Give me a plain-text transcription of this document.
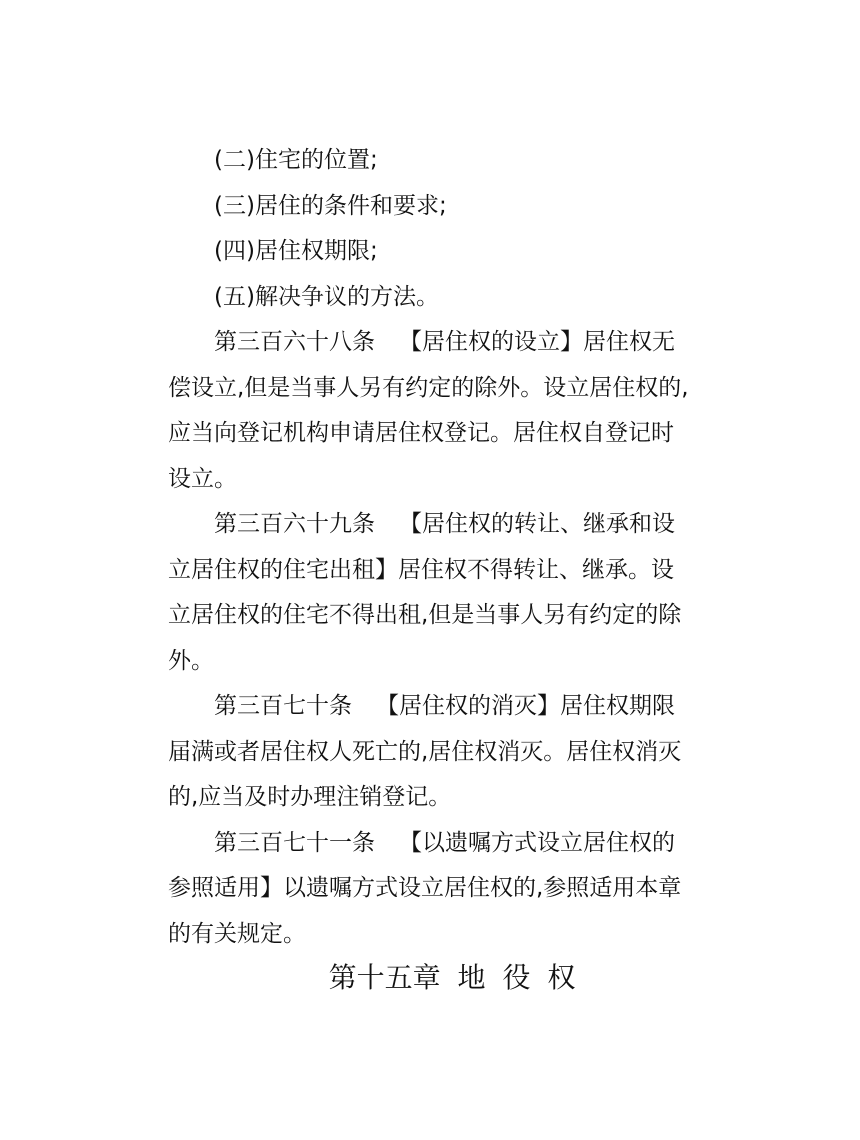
(二)住宅的位置;
(三)居住的条件和要求;
(四)居住权期限;
(五)解决争议的方法。
第三百六十八条 【居住权的设立】居住权无
偿设立,但是当事人另有约定的除外。设立居住权的,
应当向登记机构申请居住权登记。居住权自登记时
设立。
第三百六十九条 【居住权的转让、继承和设
立居住权的住宅出租】居住权不得转让、继承。设
立居住权的住宅不得出租,但是当事人另有约定的除
外。
第三百七十条 【居住权的消灭】居住权期限
届满或者居住权人死亡的,居住权消灭。居住权消灭
的,应当及时办理注销登记。
第三百七十一条 【以遗嘱方式设立居住权的
参照适用】以遗嘱方式设立居住权的,参照适用本章
的有关规定。
第十五章 地 役 权
